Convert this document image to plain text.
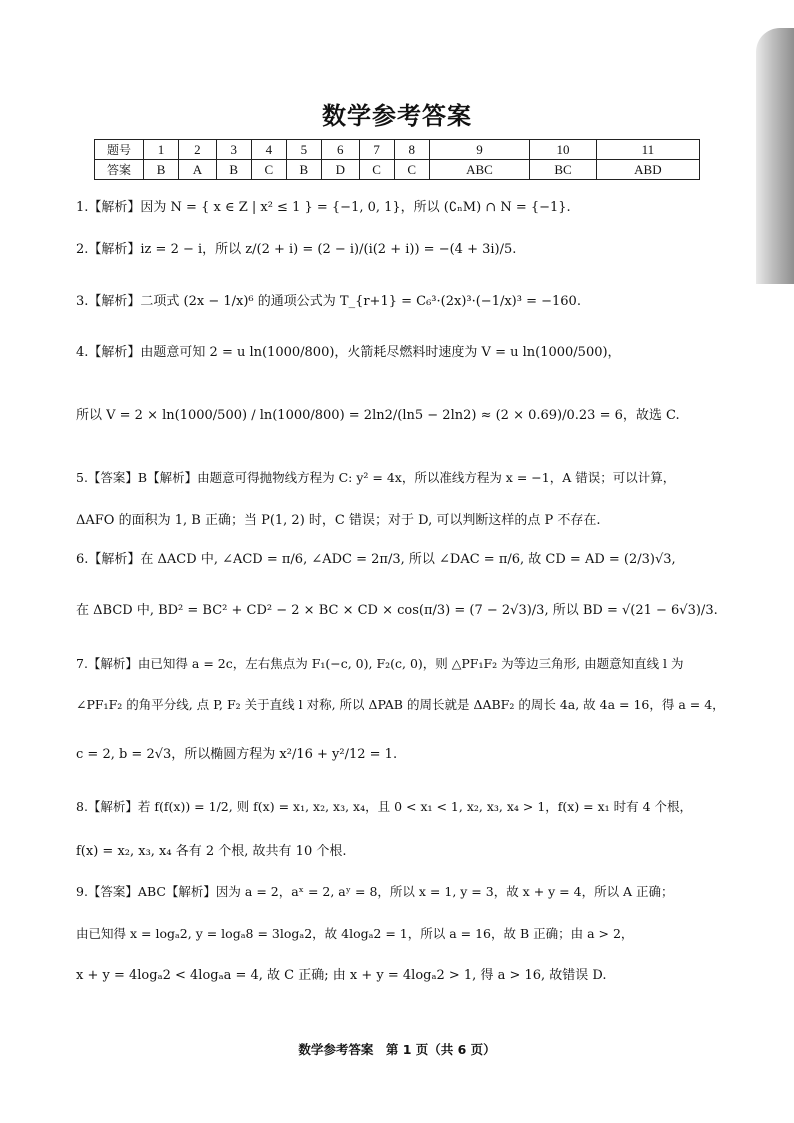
数学参考答案
题号	1	2	3	4	5	6	7	8	9	10	11
答案	B	A	B	C	B	D	C	C	ABC	BC	ABD
1.【解析】因为 N = { x ∈ Z | x² ≤ 1 } = {−1, 0, 1}，所以 (∁ₙM) ∩ N = {−1}.
2.【解析】iz = 2 − i，所以 z/(2 + i) = (2 − i)/(i(2 + i)) = −(4 + 3i)/5.
3.【解析】二项式 (2x − 1/x)⁶ 的通项公式为 T_{r+1} = C₆³·(2x)³·(−1/x)³ = −160.
4.【解析】由题意可知 2 = u ln(1000/800)，火箭耗尽燃料时速度为 V = u ln(1000/500)，
所以 V = 2 × ln(1000/500) / ln(1000/800) = 2ln2/(ln5 − 2ln2) ≈ (2 × 0.69)/0.23 = 6，故选 C.
5.【答案】B【解析】由题意可得抛物线方程为 C: y² = 4x，所以准线方程为 x = −1，A 错误；可以计算，
ΔAFO 的面积为 1, B 正确；当 P(1, 2) 时，C 错误；对于 D, 可以判断这样的点 P 不存在.
6.【解析】在 ΔACD 中, ∠ACD = π/6, ∠ADC = 2π/3, 所以 ∠DAC = π/6, 故 CD = AD = (2/3)√3,
在 ΔBCD 中, BD² = BC² + CD² − 2 × BC × CD × cos(π/3) = (7 − 2√3)/3, 所以 BD = √(21 − 6√3)/3.
7.【解析】由已知得 a = 2c，左右焦点为 F₁(−c, 0), F₂(c, 0)，则 △PF₁F₂ 为等边三角形, 由题意知直线 l 为
∠PF₁F₂ 的角平分线, 点 P, F₂ 关于直线 l 对称, 所以 ΔPAB 的周长就是 ΔABF₂ 的周长 4a, 故 4a = 16，得 a = 4，
c = 2, b = 2√3，所以椭圆方程为 x²/16 + y²/12 = 1.
8.【解析】若 f(f(x)) = 1/2, 则 f(x) = x₁, x₂, x₃, x₄，且 0 < x₁ < 1, x₂, x₃, x₄ > 1，f(x) = x₁ 时有 4 个根，
f(x) = x₂, x₃, x₄ 各有 2 个根, 故共有 10 个根.
9.【答案】ABC【解析】因为 a = 2，aˣ = 2, aʸ = 8，所以 x = 1, y = 3，故 x + y = 4，所以 A 正确；
由已知得 x = logₐ2, y = logₐ8 = 3logₐ2，故 4logₐ2 = 1，所以 a = 16，故 B 正确；由 a > 2，
x + y = 4logₐ2 < 4logₐa = 4, 故 C 正确; 由 x + y = 4logₐ2 > 1, 得 a > 16, 故错误 D.
数学参考答案　第 1 页（共 6 页）
